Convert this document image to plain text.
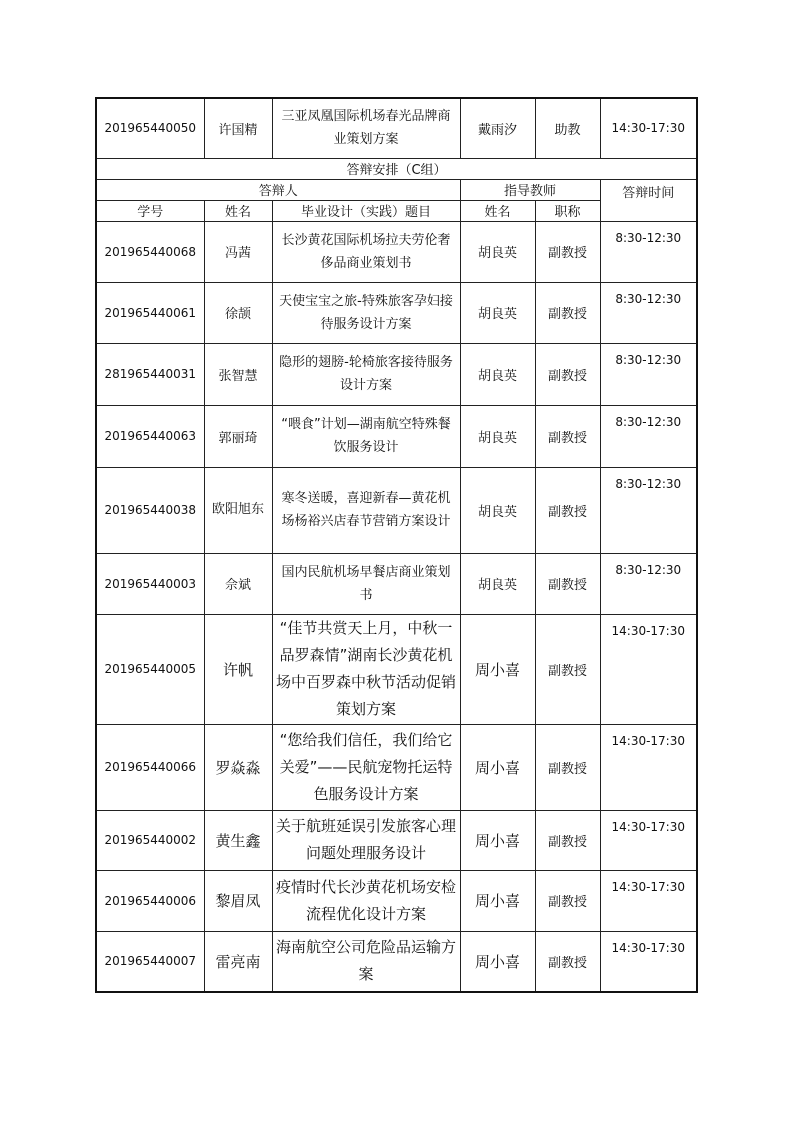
201965440050	许国精	三亚凤凰国际机场春光品牌商业策划方案	戴雨汐	助教	14:30-17:30
答辩安排（C组）					
答辩人			指导教师		答辩时间
学号	姓名	毕业设计（实践）题目	姓名	职称	
201965440068	冯茜	长沙黄花国际机场拉夫劳伦奢侈品商业策划书	胡良英	副教授	8:30-12:30
201965440061	徐颉	天使宝宝之旅-特殊旅客孕妇接待服务设计方案	胡良英	副教授	8:30-12:30
281965440031	张智慧	隐形的翅膀-轮椅旅客接待服务设计方案	胡良英	副教授	8:30-12:30
201965440063	郭丽琦	“喂食”计划—湖南航空特殊餐饮服务设计	胡良英	副教授	8:30-12:30
201965440038	欧阳旭东	寒冬送暖，喜迎新春—黄花机场杨裕兴店春节营销方案设计	胡良英	副教授	8:30-12:30
201965440003	佘斌	国内民航机场早餐店商业策划书	胡良英	副教授	8:30-12:30
201965440005	许帆	“佳节共赏天上月，中秋一品罗森情”湖南长沙黄花机场中百罗森中秋节活动促销策划方案	周小喜	副教授	14:30-17:30
201965440066	罗焱淼	“您给我们信任，我们给它关爱”——民航宠物托运特色服务设计方案	周小喜	副教授	14:30-17:30
201965440002	黄生鑫	关于航班延误引发旅客心理问题处理服务设计	周小喜	副教授	14:30-17:30
201965440006	黎眉凤	疫情时代长沙黄花机场安检流程优化设计方案	周小喜	副教授	14:30-17:30
201965440007	雷亮南	海南航空公司危险品运输方案	周小喜	副教授	14:30-17:30
